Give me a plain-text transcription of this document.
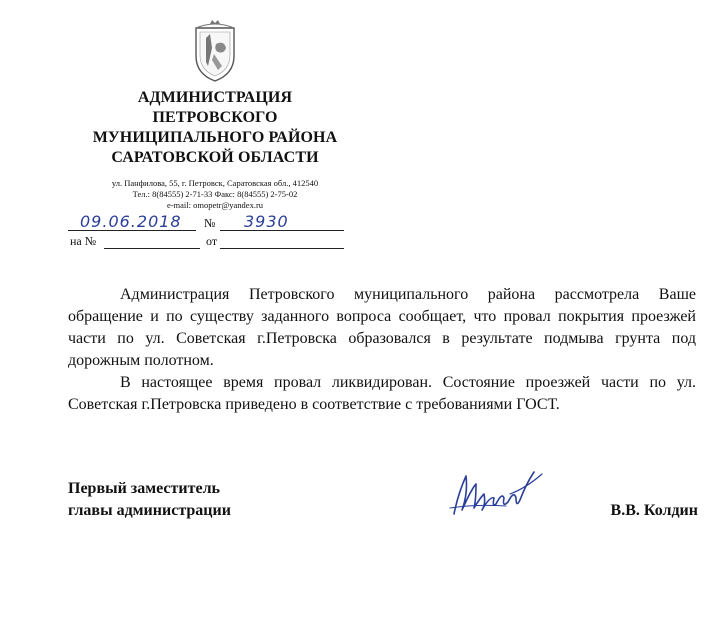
АДМИНИСТРАЦИЯ
ПЕТРОВСКОГО
МУНИЦИПАЛЬНОГО РАЙОНА
САРАТОВСКОЙ ОБЛАСТИ
ул. Панфилова, 55, г. Петровск, Саратовская обл., 412540
Тел.: 8(84555) 2-71-33 Факс: 8(84555) 2-75-02
e-mail: omopetr@yandex.ru
09.06.2018 № 3930
на №	от

Администрация Петровского муниципального района рассмотрела Ваше обращение и по существу заданного вопроса сообщает, что провал покрытия проезжей части по ул. Советская г.Петровска образовался в результате подмыва грунта под дорожным полотном.

В настоящее время провал ликвидирован. Состояние проезжей части по ул. Советская г.Петровска приведено в соответствие с требованиями ГОСТ.

Первый заместитель
главы администрации	В.В. Колдин
